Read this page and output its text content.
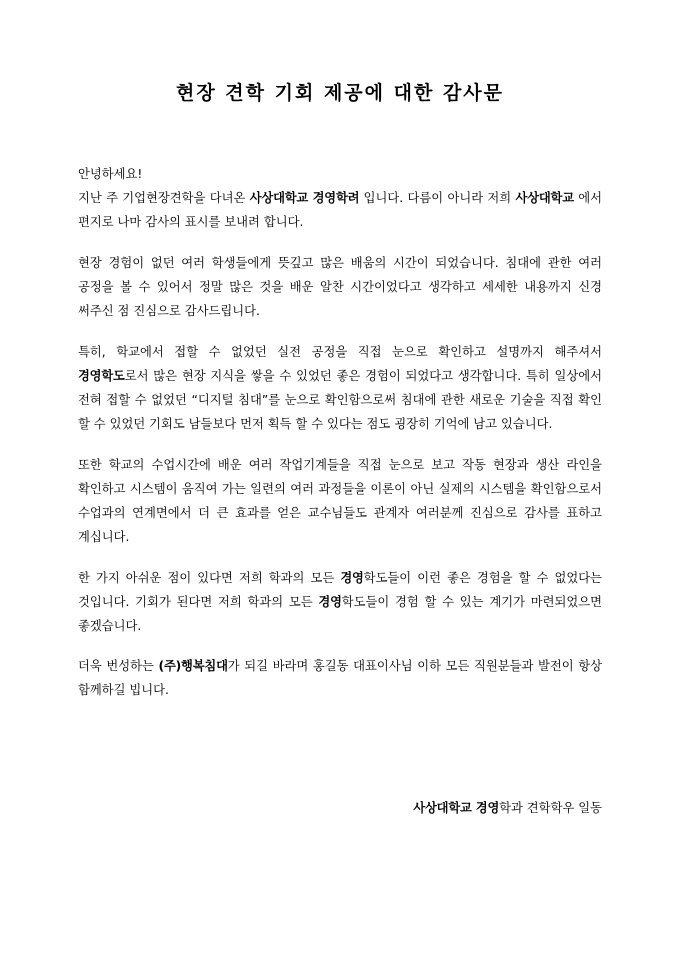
현장 견학 기회 제공에 대한 감사문

안녕하세요!
지난 주 기업현장견학을 다녀온 사상대학교 경영학려 입니다. 다름이 아니라 저희 사상대학교 에서 편지로 나마 감사의 표시를 보내려 합니다.

현장 경험이 없던 여러 학생들에게 뜻깊고 많은 배움의 시간이 되었습니다. 침대에 관한 여러 공정을 볼 수 있어서 정말 많은 것을 배운 알찬 시간이었다고 생각하고 세세한 내용까지 신경 써주신 점 진심으로 감사드립니다.

특히, 학교에서 접할 수 없었던 실전 공정을 직접 눈으로 확인하고 설명까지 해주셔서 경영학도로서 많은 현장 지식을 쌓을 수 있었던 좋은 경험이 되었다고 생각합니다. 특히 일상에서 전혀 접할 수 없었던 “디지털 침대”를 눈으로 확인함으로써 침대에 관한 새로운 기술을 직접 확인 할 수 있었던 기회도 남들보다 먼저 획득 할 수 있다는 점도 굉장히 기억에 남고 있습니다.

또한 학교의 수업시간에 배운 여러 작업기계들을 직접 눈으로 보고 작동 현장과 생산 라인을 확인하고 시스템이 움직여 가는 일련의 여러 과정들을 이론이 아닌 실제의 시스템을 확인함으로서 수업과의 연계면에서 더 큰 효과를 얻은 교수님들도 관계자 여러분께 진심으로 감사를 표하고 계십니다.

한 가지 아쉬운 점이 있다면 저희 학과의 모든 경영학도들이 이런 좋은 경험을 할 수 없었다는 것입니다. 기회가 된다면 저희 학과의 모든 경영학도들이 경험 할 수 있는 계기가 마련되었으면 좋겠습니다.

더욱 번성하는 (주)행복침대가 되길 바라며 홍길동 대표이사님 이하 모든 직원분들과 발전이 항상 함께하길 빕니다.

사상대학교 경영학과 견학학우 일동
